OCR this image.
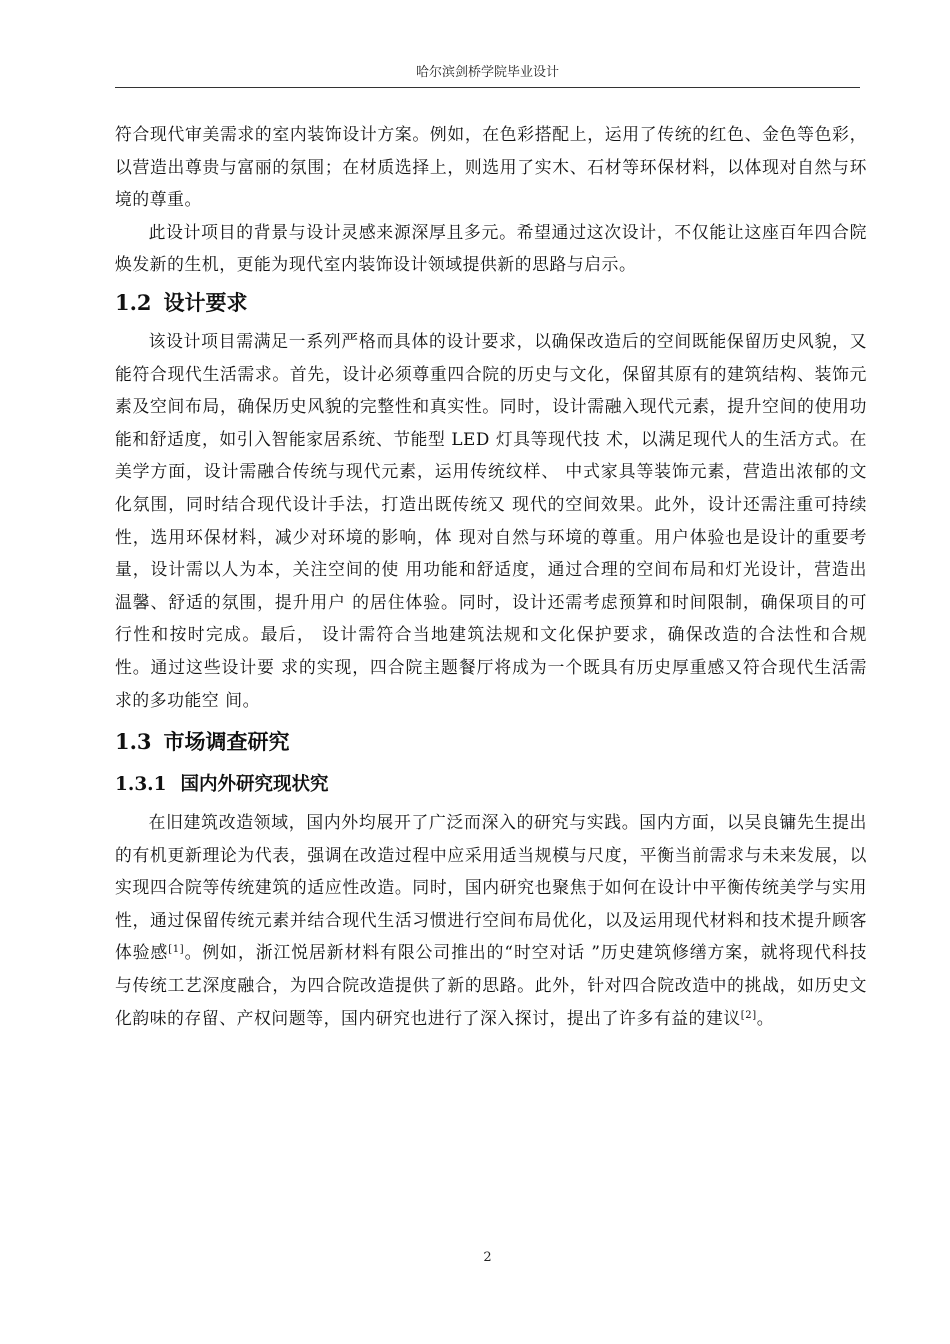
哈尔滨剑桥学院毕业设计

符合现代审美需求的室内装饰设计方案。例如，在色彩搭配上，运用了传统的红色、金色等色彩，以营造出尊贵与富丽的氛围；在材质选择上，则选用了实木、石材等环保材料，以体现对自然与环境的尊重。

此设计项目的背景与设计灵感来源深厚且多元。希望通过这次设计，不仅能让这座百年四合院焕发新的生机，更能为现代室内装饰设计领域提供新的思路与启示。

1.2 设计要求

该设计项目需满足一系列严格而具体的设计要求，以确保改造后的空间既能保留历史风貌，又能符合现代生活需求。首先，设计必须尊重四合院的历史与文化，保留其原有的建筑结构、装饰元素及空间布局，确保历史风貌的完整性和真实性。同时，设计需融入现代元素，提升空间的使用功能和舒适度，如引入智能家居系统、节能型 LED 灯具等现代技 术，以满足现代人的生活方式。在美学方面，设计需融合传统与现代元素，运用传统纹样、 中式家具等装饰元素，营造出浓郁的文化氛围，同时结合现代设计手法，打造出既传统又 现代的空间效果。此外，设计还需注重可持续性，选用环保材料，减少对环境的影响，体 现对自然与环境的尊重。用户体验也是设计的重要考量，设计需以人为本，关注空间的使 用功能和舒适度，通过合理的空间布局和灯光设计，营造出温馨、舒适的氛围，提升用户 的居住体验。同时，设计还需考虑预算和时间限制，确保项目的可行性和按时完成。最后， 设计需符合当地建筑法规和文化保护要求，确保改造的合法性和合规性。通过这些设计要 求的实现，四合院主题餐厅将成为一个既具有历史厚重感又符合现代生活需求的多功能空 间。

1.3 市场调查研究
1.3.1 国内外研究现状究

在旧建筑改造领域，国内外均展开了广泛而深入的研究与实践。国内方面，以吴良镛先生提出的有机更新理论为代表，强调在改造过程中应采用适当规模与尺度，平衡当前需求与未来发展，以实现四合院等传统建筑的适应性改造。同时，国内研究也聚焦于如何在设计中平衡传统美学与实用性，通过保留传统元素并结合现代生活习惯进行空间布局优化，以及运用现代材料和技术提升顾客体验感[1]。例如，浙江悦居新材料有限公司推出的“时空对话 ”历史建筑修缮方案，就将现代科技与传统工艺深度融合，为四合院改造提供了新的思路。此外，针对四合院改造中的挑战，如历史文化韵味的存留、产权问题等，国内研究也进行了深入探讨，提出了许多有益的建议[2]。

2
